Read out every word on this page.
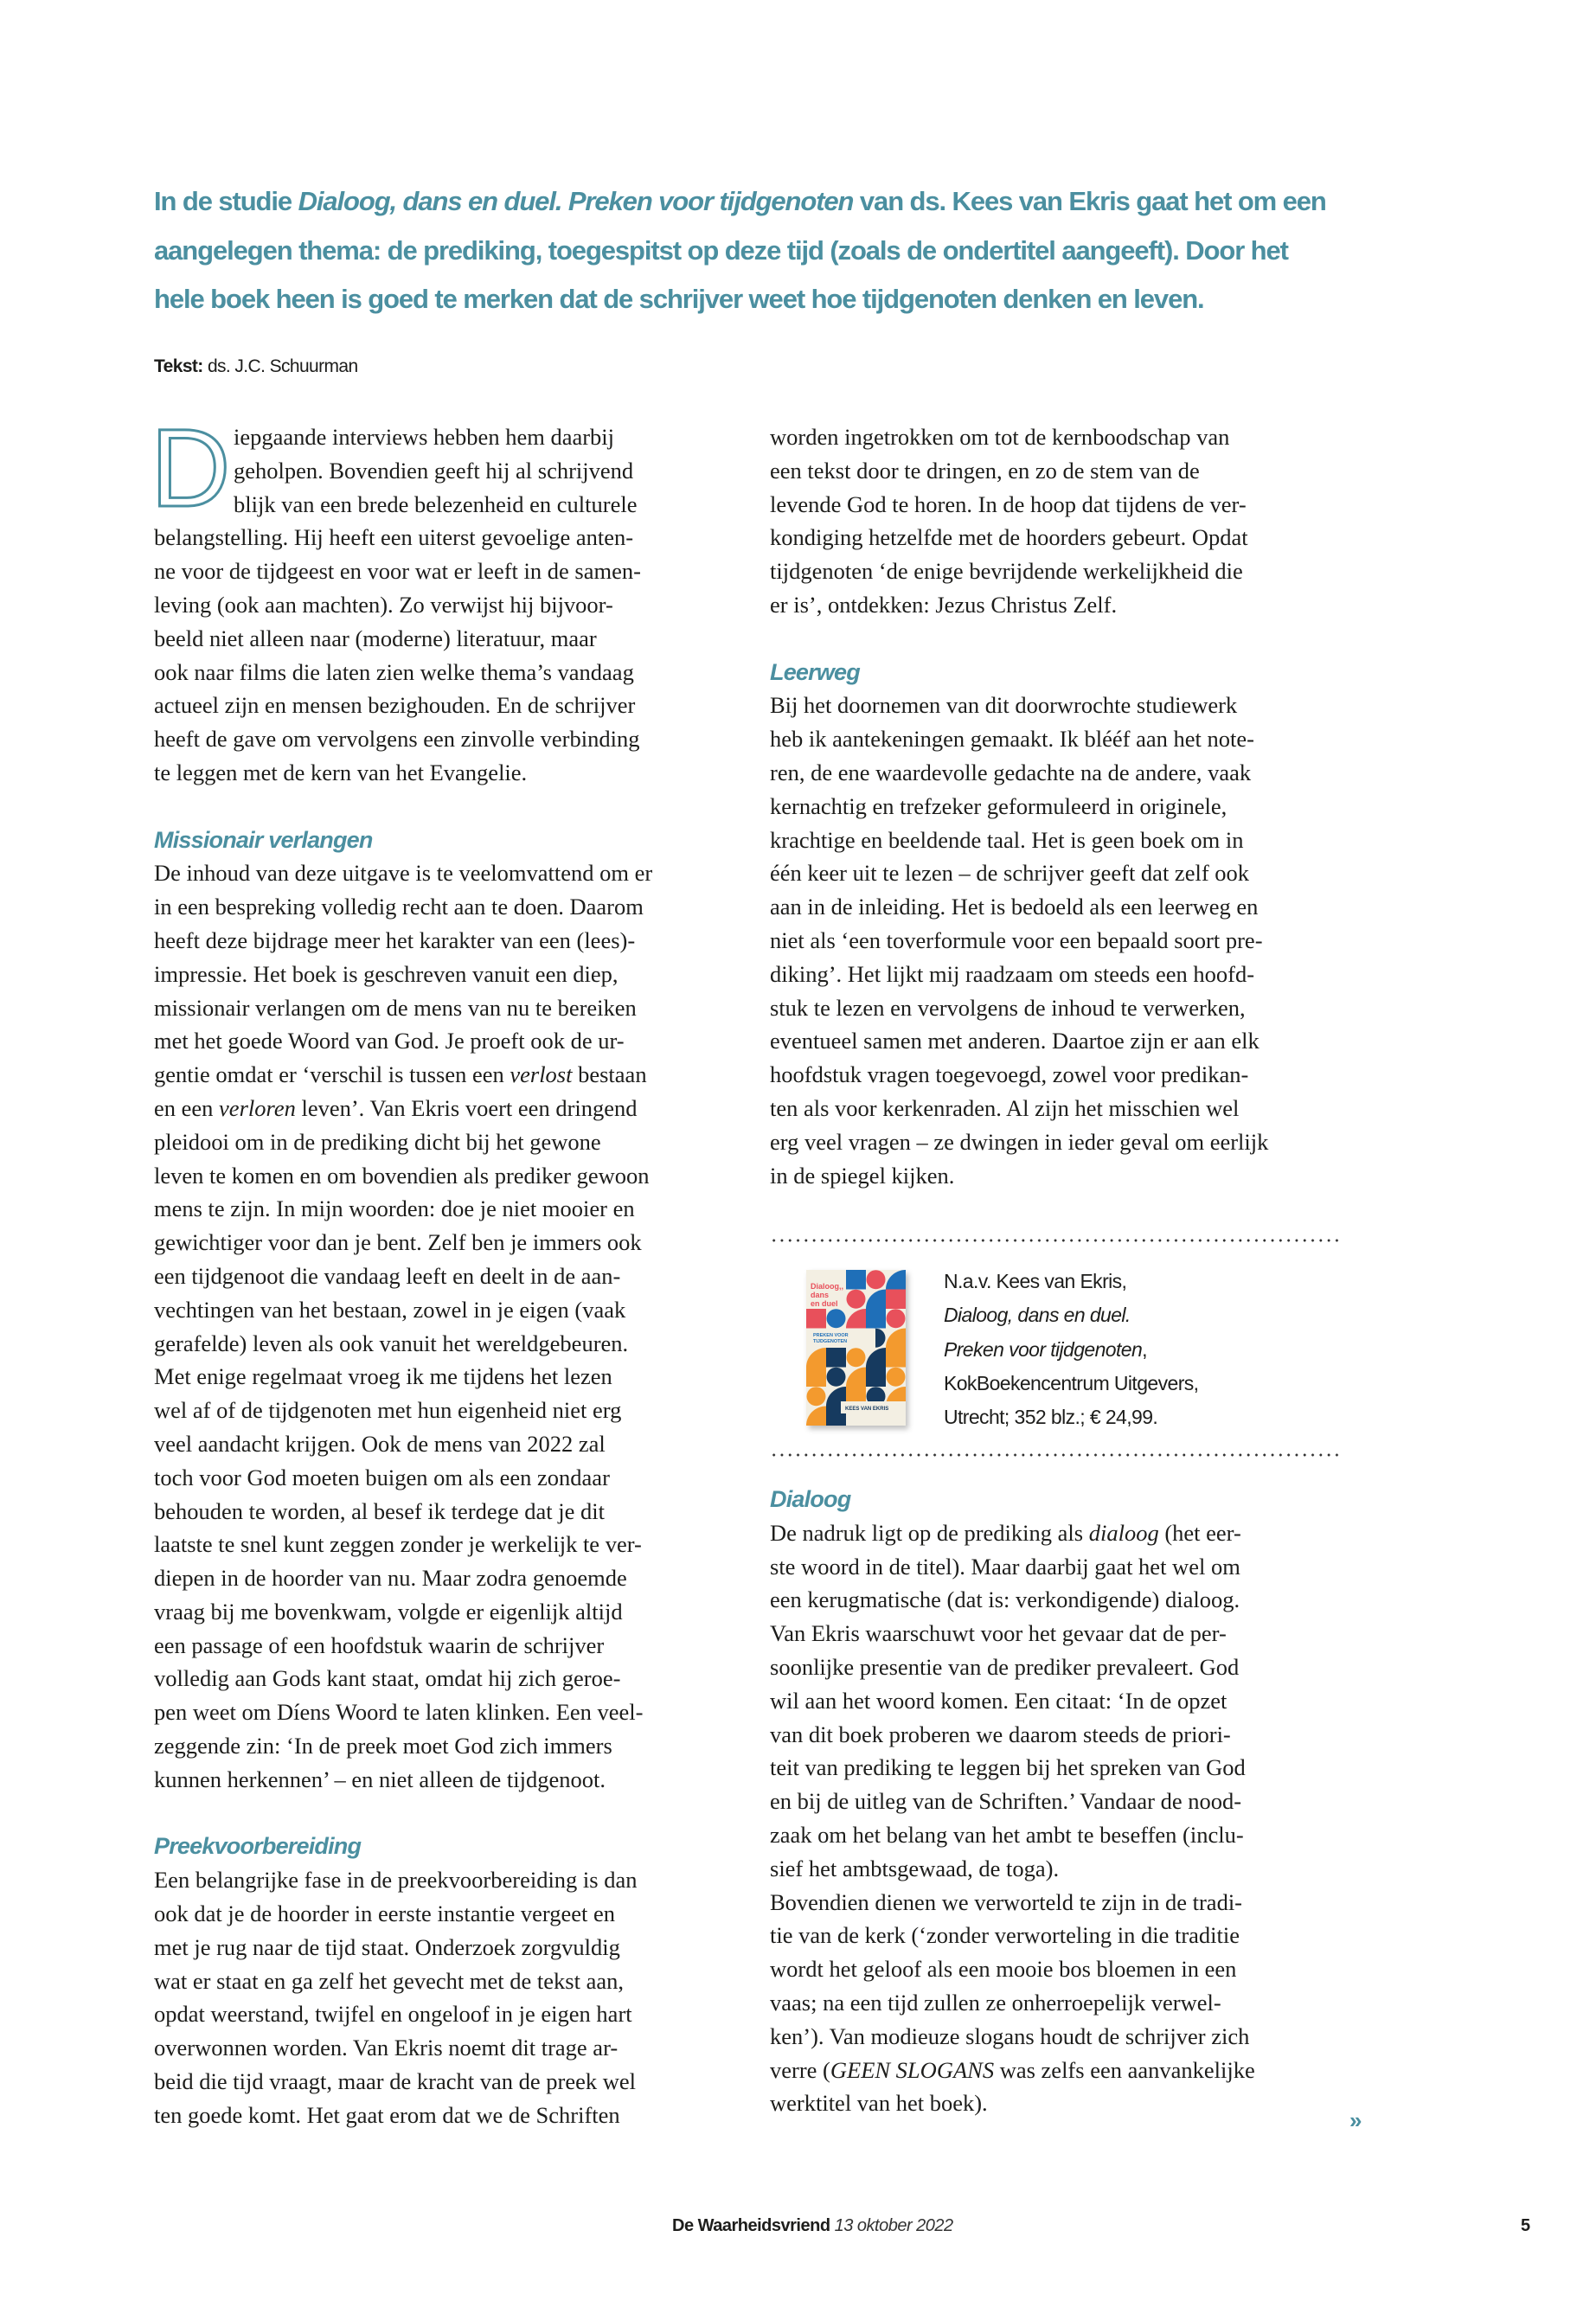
In de studie Dialoog, dans en duel. Preken voor tijdgenoten van ds. Kees van Ekris gaat het om een
aangelegen thema: de prediking, toegespitst op deze tijd (zoals de ondertitel aangeeft). Door het
hele boek heen is goed te merken dat de schrijver weet hoe tijdgenoten denken en leven.
Tekst: ds. J.C. Schuurman
D iepgaande interviews hebben hem daarbij
geholpen. Bovendien geeft hij al schrijvend
blijk van een brede belezenheid en culturele
belangstelling. Hij heeft een uiterst gevoelige anten-
ne voor de tijdgeest en voor wat er leeft in de samen-
leving (ook aan machten). Zo verwijst hij bijvoor-
beeld niet alleen naar (moderne) literatuur, maar
ook naar films die laten zien welke thema’s vandaag
actueel zijn en mensen bezighouden. En de schrijver
heeft de gave om vervolgens een zinvolle verbinding
te leggen met de kern van het Evangelie.
Missionair verlangen
De inhoud van deze uitgave is te veelomvattend om er
in een bespreking volledig recht aan te doen. Daarom
heeft deze bijdrage meer het karakter van een (lees)-
impressie. Het boek is geschreven vanuit een diep,
missionair verlangen om de mens van nu te bereiken
met het goede Woord van God. Je proeft ook de ur-
gentie omdat er ‘verschil is tussen een verlost bestaan
en een verloren leven’. Van Ekris voert een dringend
pleidooi om in de prediking dicht bij het gewone
leven te komen en om bovendien als prediker gewoon
mens te zijn. In mijn woorden: doe je niet mooier en
gewichtiger voor dan je bent. Zelf ben je immers ook
een tijdgenoot die vandaag leeft en deelt in de aan-
vechtingen van het bestaan, zowel in je eigen (vaak
gerafelde) leven als ook vanuit het wereldgebeuren.
Met enige regelmaat vroeg ik me tijdens het lezen
wel af of de tijdgenoten met hun eigenheid niet erg
veel aandacht krijgen. Ook de mens van 2022 zal
toch voor God moeten buigen om als een zondaar
behouden te worden, al besef ik terdege dat je dit
laatste te snel kunt zeggen zonder je werkelijk te ver-
diepen in de hoorder van nu. Maar zodra genoemde
vraag bij me bovenkwam, volgde er eigenlijk altijd
een passage of een hoofdstuk waarin de schrijver
volledig aan Gods kant staat, omdat hij zich geroe-
pen weet om Díens Woord te laten klinken. Een veel-
zeggende zin: ‘In de preek moet God zich immers
kunnen herkennen’ – en niet alleen de tijdgenoot.
Preekvoorbereiding
Een belangrijke fase in de preekvoorbereiding is dan
ook dat je de hoorder in eerste instantie vergeet en
met je rug naar de tijd staat. Onderzoek zorgvuldig
wat er staat en ga zelf het gevecht met de tekst aan,
opdat weerstand, twijfel en ongeloof in je eigen hart
overwonnen worden. Van Ekris noemt dit trage ar-
beid die tijd vraagt, maar de kracht van de preek wel
ten goede komt. Het gaat erom dat we de Schriften
worden ingetrokken om tot de kernboodschap van
een tekst door te dringen, en zo de stem van de
levende God te horen. In de hoop dat tijdens de ver-
kondiging hetzelfde met de hoorders gebeurt. Opdat
tijdgenoten ‘de enige bevrijdende werkelijkheid die
er is’, ontdekken: Jezus Christus Zelf.
Leerweg
Bij het doornemen van dit doorwrochte studiewerk
heb ik aantekeningen gemaakt. Ik blééf aan het note-
ren, de ene waardevolle gedachte na de andere, vaak
kernachtig en trefzeker geformuleerd in originele,
krachtige en beeldende taal. Het is geen boek om in
één keer uit te lezen – de schrijver geeft dat zelf ook
aan in de inleiding. Het is bedoeld als een leerweg en
niet als ‘een toverformule voor een bepaald soort pre-
diking’. Het lijkt mij raadzaam om steeds een hoofd-
stuk te lezen en vervolgens de inhoud te verwerken,
eventueel samen met anderen. Daartoe zijn er aan elk
hoofdstuk vragen toegevoegd, zowel voor predikan-
ten als voor kerkenraden. Al zijn het misschien wel
erg veel vragen – ze dwingen in ieder geval om eerlijk
in de spiegel kijken.
Dialoog,,
dans
en duel
PREKEN VOOR
TIJDGENOTEN
KEES VAN EKRIS
N.a.v. Kees van Ekris,
Dialoog, dans en duel.
Preken voor tijdgenoten,
KokBoekencentrum Uitgevers,
Utrecht; 352 blz.; € 24,99.
Dialoog
De nadruk ligt op de prediking als dialoog (het eer-
ste woord in de titel). Maar daarbij gaat het wel om
een kerugmatische (dat is: verkondigende) dialoog.
Van Ekris waarschuwt voor het gevaar dat de per-
soonlijke presentie van de prediker prevaleert. God
wil aan het woord komen. Een citaat: ‘In de opzet
van dit boek proberen we daarom steeds de priori-
teit van prediking te leggen bij het spreken van God
en bij de uitleg van de Schriften.’ Vandaar de nood-
zaak om het belang van het ambt te beseffen (inclu-
sief het ambtsgewaad, de toga).
Bovendien dienen we verworteld te zijn in de tradi-
tie van de kerk (‘zonder verworteling in die traditie
wordt het geloof als een mooie bos bloemen in een
vaas; na een tijd zullen ze onherroepelijk verwel-
ken’). Van modieuze slogans houdt de schrijver zich
verre (GEEN SLOGANS was zelfs een aanvankelijke
werktitel van het boek).
»
De Waarheidsvriend 13 oktober 2022	5
